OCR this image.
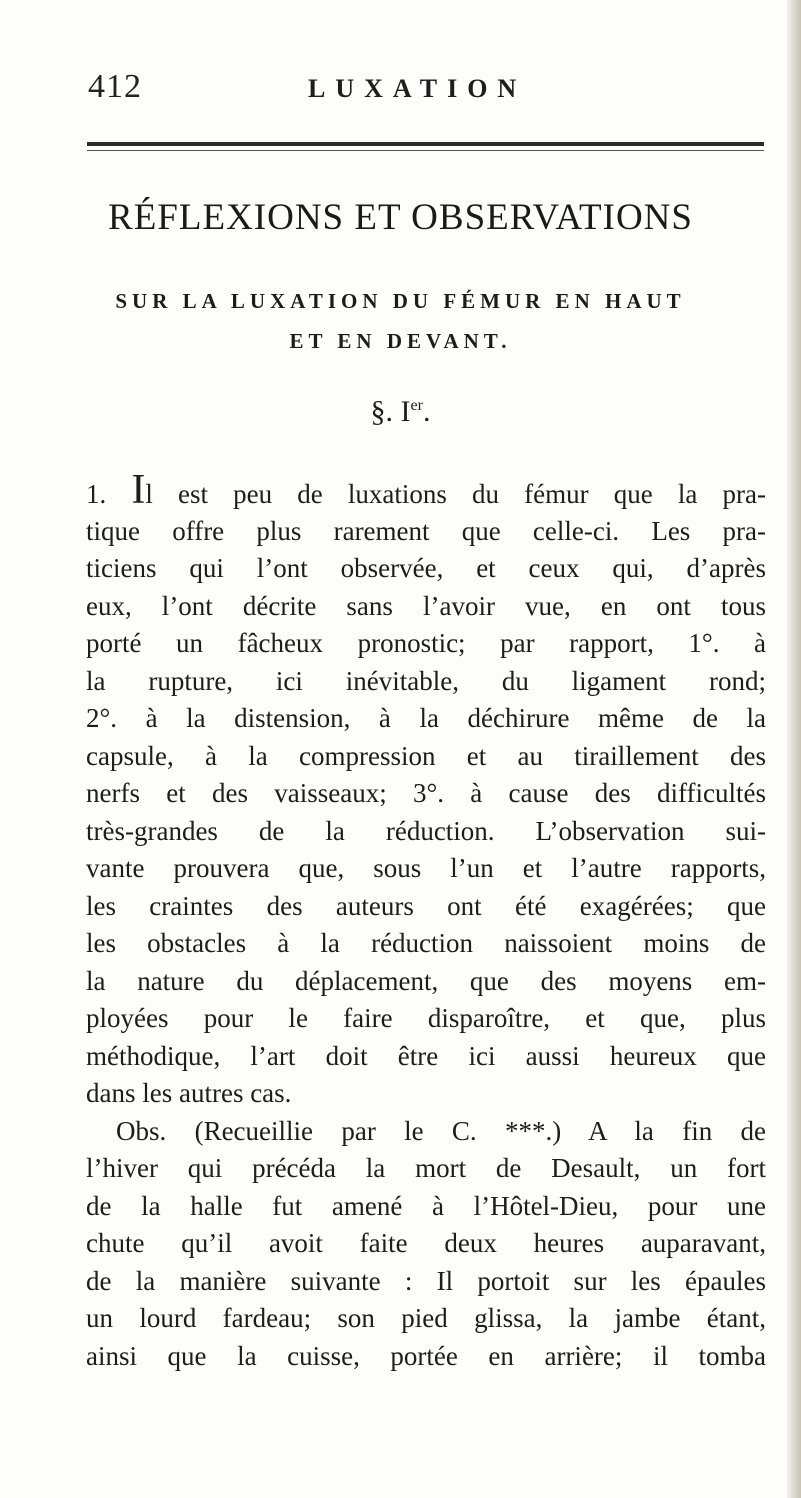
412	LUXATION
RÉFLEXIONS ET OBSERVATIONS
SUR LA LUXATION DU FÉMUR EN HAUT
ET EN DEVANT.
§. Ier.
1. Il est peu de luxations du fémur que la pra-
tique offre plus rarement que celle-ci. Les pra-
ticiens qui l’ont observée, et ceux qui, d’après
eux, l’ont décrite sans l’avoir vue, en ont tous
porté un fâcheux pronostic; par rapport, 1°. à
la rupture, ici inévitable, du ligament rond;
2°. à la distension, à la déchirure même de la
capsule, à la compression et au tiraillement des
nerfs et des vaisseaux; 3°. à cause des difficultés
très-grandes de la réduction. L’observation sui-
vante prouvera que, sous l’un et l’autre rapports,
les craintes des auteurs ont été exagérées; que
les obstacles à la réduction naissoient moins de
la nature du déplacement, que des moyens em-
ployées pour le faire disparoître, et que, plus
méthodique, l’art doit être ici aussi heureux que
dans les autres cas.
Obs. (Recueillie par le C. ***.) A la fin de
l’hiver qui précéda la mort de Desault, un fort
de la halle fut amené à l’Hôtel-Dieu, pour une
chute qu’il avoit faite deux heures auparavant,
de la manière suivante : Il portoit sur les épaules
un lourd fardeau; son pied glissa, la jambe étant,
ainsi que la cuisse, portée en arrière; il tomba
